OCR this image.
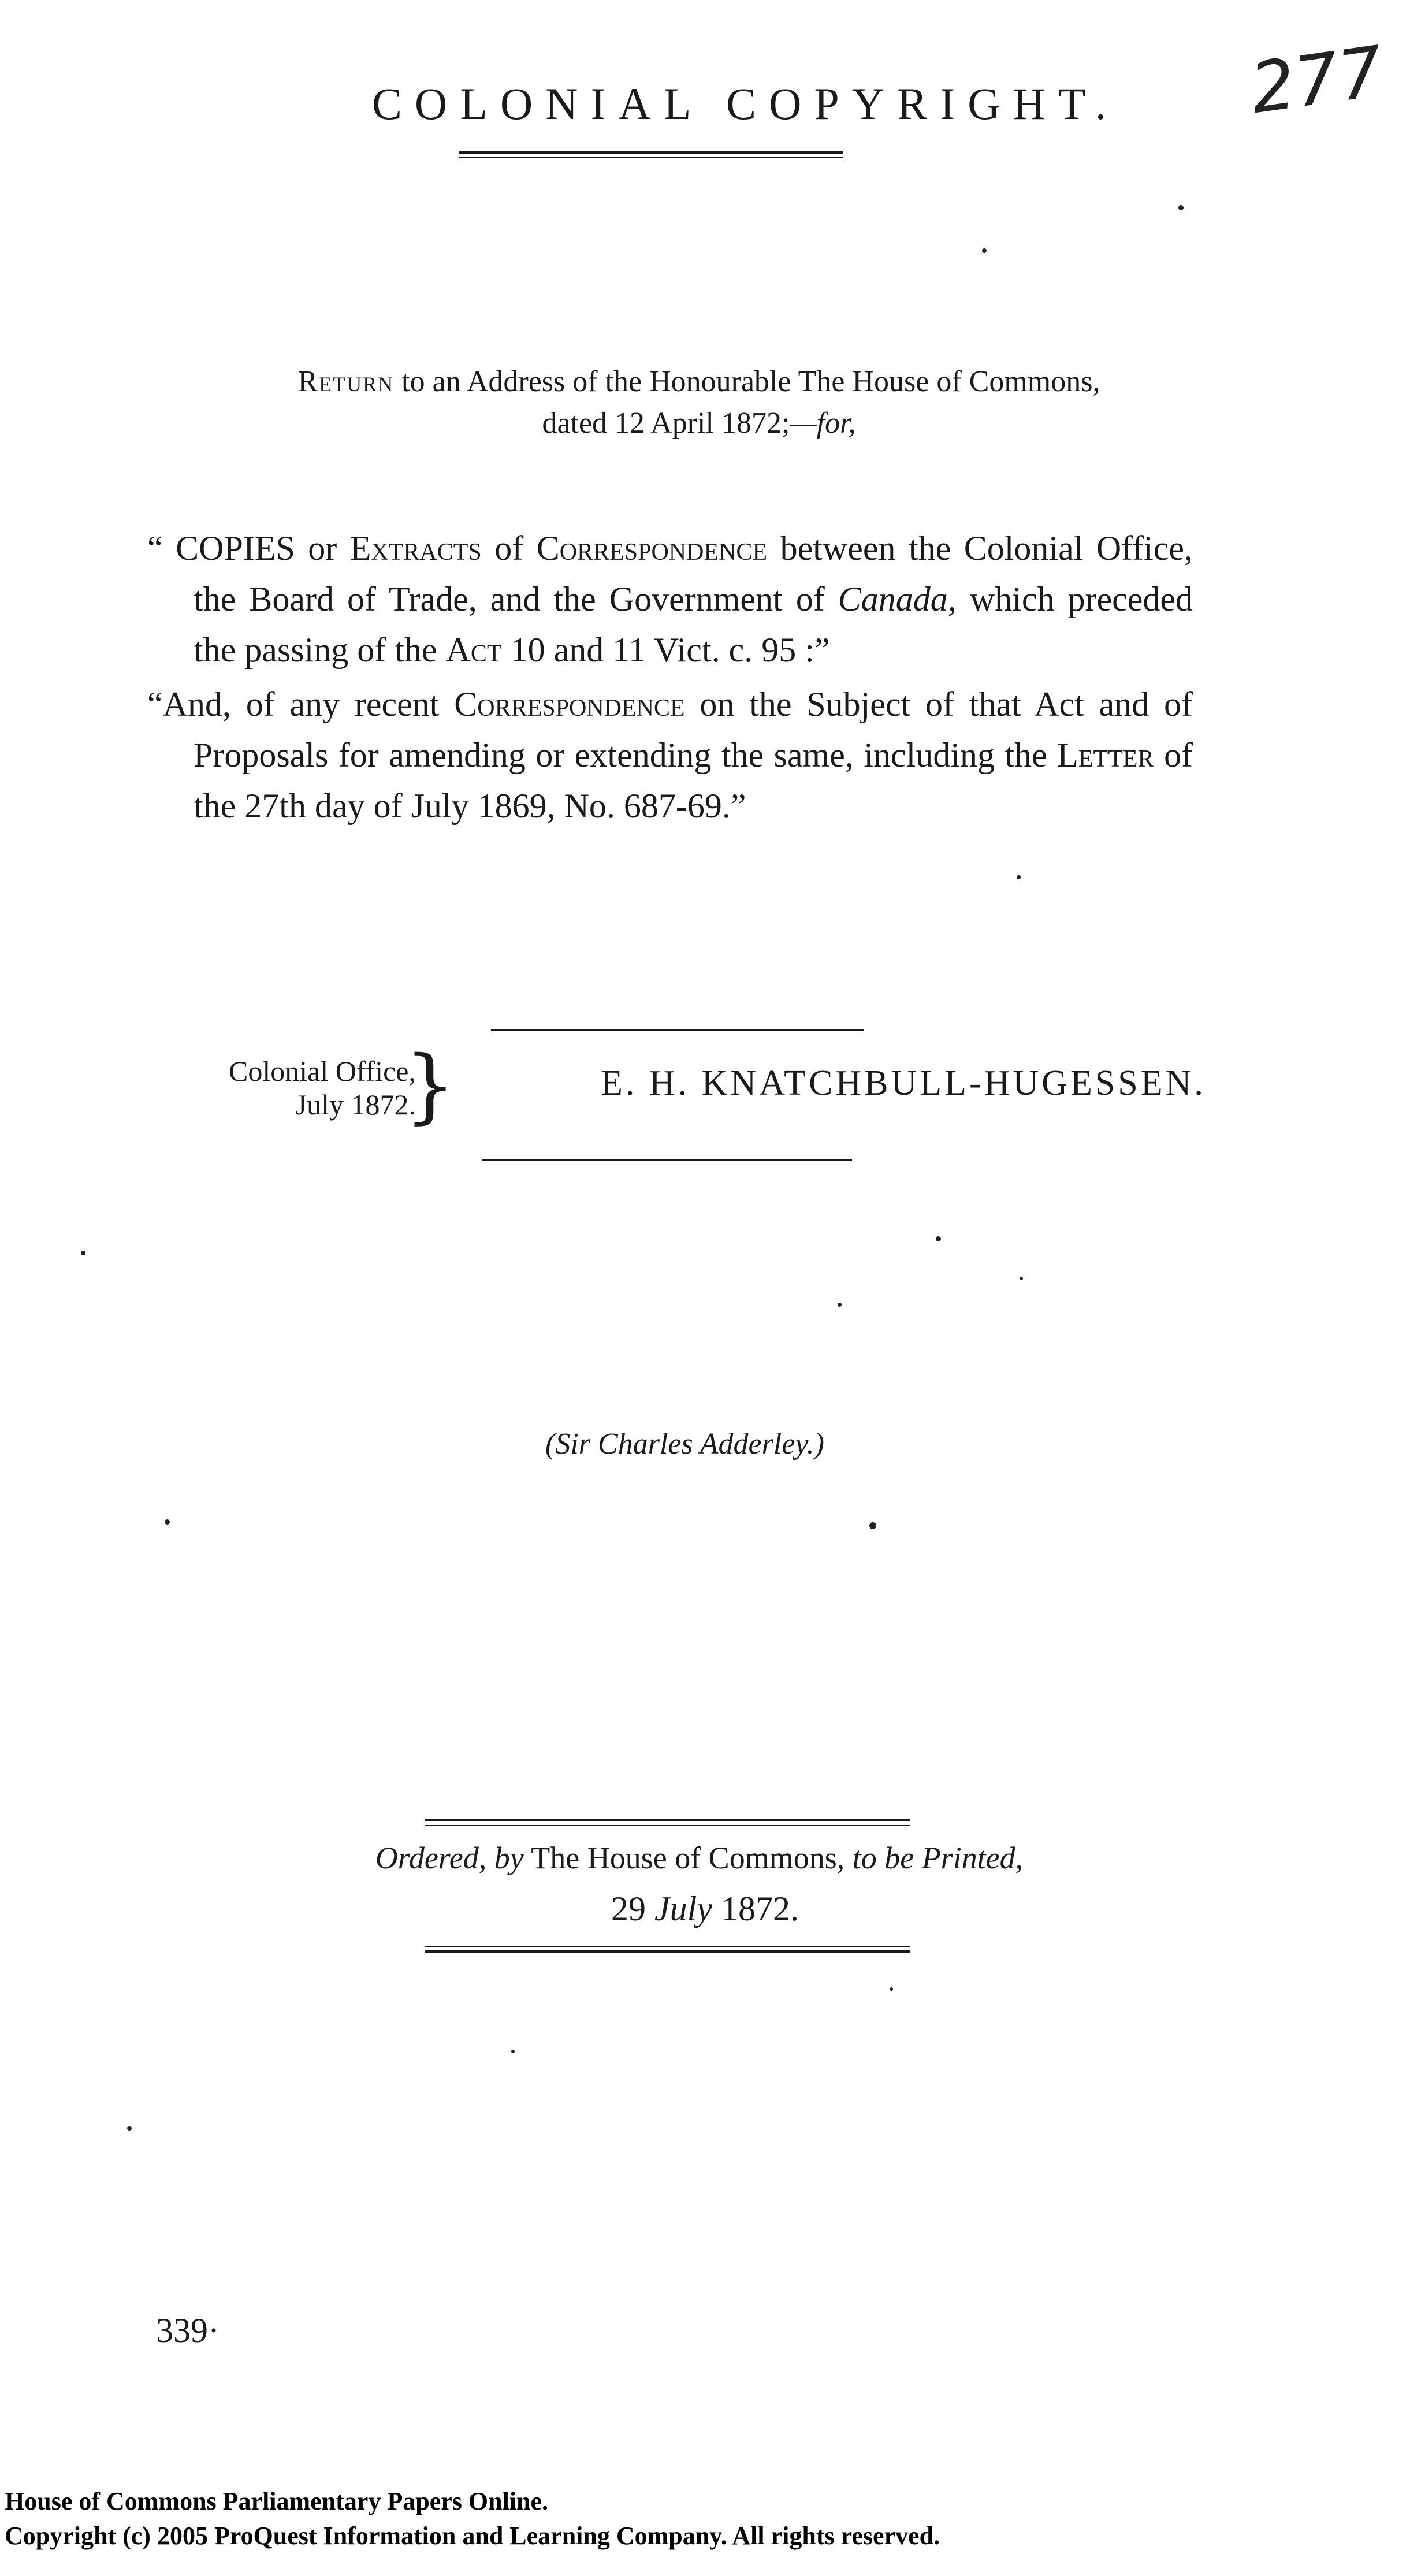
COLONIAL COPYRIGHT.	277
Return to an Address of the Honourable The House of Commons,
dated 12 April 1872;—for,
“ COPIES or Extracts of Correspondence between the Colonial Office, the Board of Trade, and the Government of Canada, which preceded the passing of the Act 10 and 11 Vict. c. 95 :”
“And, of any recent Correspondence on the Subject of that Act and of Proposals for amending or extending the same, including the Letter of the 27th day of July 1869, No. 687-69.”
Colonial Office,
July 1872.
}	E. H. KNATCHBULL-HUGESSEN.
(Sir Charles Adderley.)
Ordered, by The House of Commons, to be Printed,
29 July 1872.
339·
House of Commons Parliamentary Papers Online.
Copyright (c) 2005 ProQuest Information and Learning Company. All rights reserved.
